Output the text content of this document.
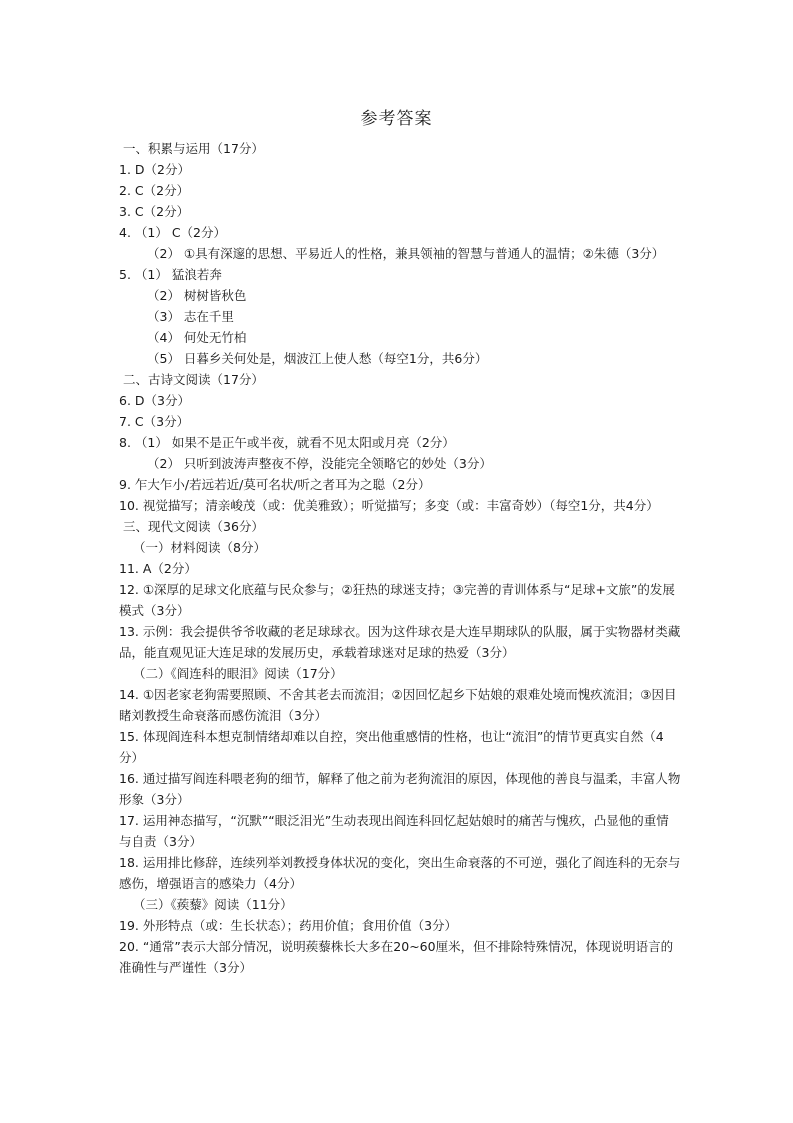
参考答案
一、积累与运用（17分）
1. D（2分）
2. C（2分）
3. C（2分）
4. （1） C（2分）
（2） ①具有深邃的思想、平易近人的性格，兼具领袖的智慧与普通人的温情；②朱德（3分）
5. （1） 猛浪若奔
（2） 树树皆秋色
（3） 志在千里
（4） 何处无竹柏
（5） 日暮乡关何处是，烟波江上使人愁（每空1分，共6分）
二、古诗文阅读（17分）
6. D（3分）
7. C（3分）
8. （1） 如果不是正午或半夜，就看不见太阳或月亮（2分）
（2） 只听到波涛声整夜不停，没能完全领略它的妙处（3分）
9. 乍大乍小/若远若近/莫可名状/听之者耳为之聪（2分）
10. 视觉描写；清亲峻茂（或：优美雅致）；听觉描写；多变（或：丰富奇妙）（每空1分，共4分）
三、现代文阅读（36分）
（一）材料阅读（8分）
11. A（2分）
12. ①深厚的足球文化底蕴与民众参与；②狂热的球迷支持；③完善的青训体系与“足球+文旅”的发展模式（3分）
13. 示例：我会提供爷爷收藏的老足球球衣。因为这件球衣是大连早期球队的队服，属于实物器材类藏品，能直观见证大连足球的发展历史，承载着球迷对足球的热爱（3分）
（二）《阎连科的眼泪》阅读（17分）
14. ①因老家老狗需要照顾、不舍其老去而流泪；②因回忆起乡下姑娘的艰难处境而愧疚流泪；③因目睹刘教授生命衰落而感伤流泪（3分）
15. 体现阎连科本想克制情绪却难以自控，突出他重感情的性格，也让“流泪”的情节更真实自然（4分）
16. 通过描写阎连科喂老狗的细节，解释了他之前为老狗流泪的原因，体现他的善良与温柔，丰富人物形象（3分）
17. 运用神态描写，“沉默”“眼泛泪光”生动表现出阎连科回忆起姑娘时的痛苦与愧疚，凸显他的重情与自责（3分）
18. 运用排比修辞，连续列举刘教授身体状况的变化，突出生命衰落的不可逆，强化了阎连科的无奈与感伤，增强语言的感染力（4分）
（三）《蒺藜》阅读（11分）
19. 外形特点（或：生长状态）；药用价值；食用价值（3分）
20. “通常”表示大部分情况，说明蒺藜株长大多在20~60厘米，但不排除特殊情况，体现说明语言的准确性与严谨性（3分）
